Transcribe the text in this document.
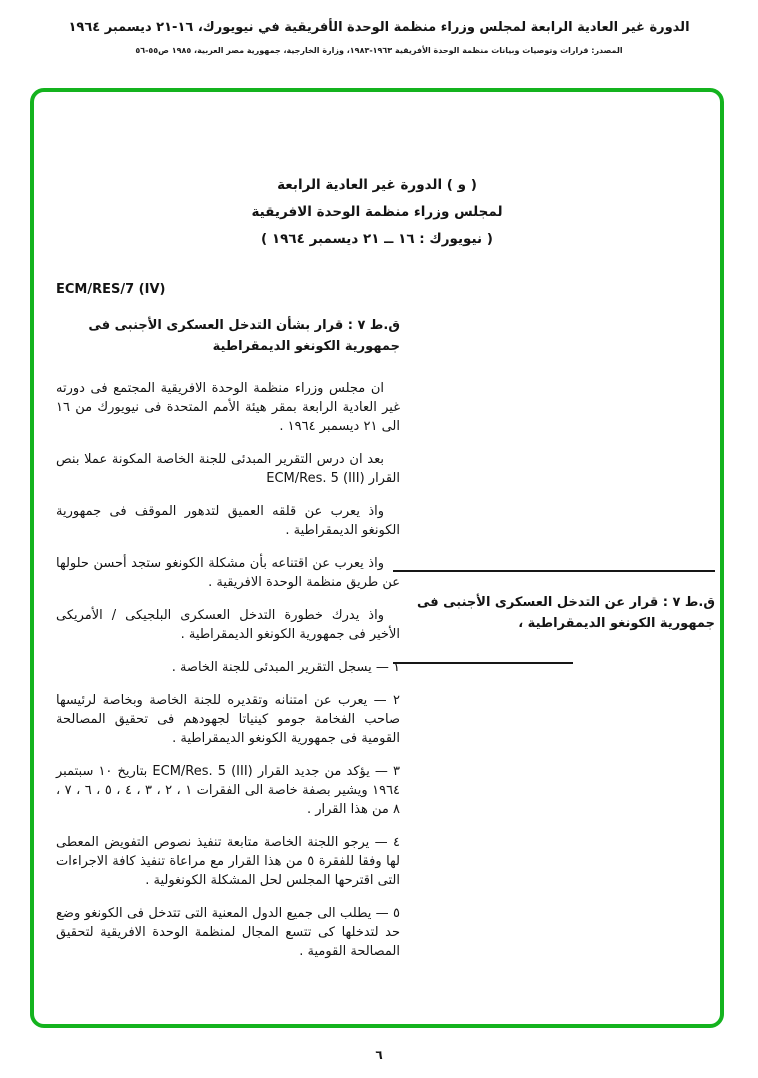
الدورة غير العادية الرابعة لمجلس وزراء منظمة الوحدة الأفريقية في نيويورك، ١٦-٢١ ديسمبر ١٩٦٤
المصدر: قرارات وتوصيات وبيانات منظمة الوحدة الأفريقية ١٩٦٣-١٩٨٣، وزارة الخارجية، جمهورية مصر العربية، ١٩٨٥ ص٥٥-٥٦
( و ) الدورة غير العادية الرابعة
لمجلس وزراء منظمة الوحدة الافريقية
( نيويورك : ١٦ ــ ٢١ ديسمبر ١٩٦٤ )
ECM/RES/7 (IV)
ق.ط ٧ : قرار بشأن التدخل العسكرى الأجنبى فى جمهورية الكونغو الديمقراطية

ان مجلس وزراء منظمة الوحدة الافريقية المجتمع فى دورته غير العادية الرابعة بمقر هيئة الأمم المتحدة فى نيويورك من ١٦ الى ٢١ ديسمبر ١٩٦٤ .

بعد ان درس التقرير المبدئى للجنة الخاصة المكونة عملا بنص القرار ECM/Res. 5 (III)

واذ يعرب عن قلقه العميق لتدهور الموقف فى جمهورية الكونغو الديمقراطية .

واذ يعرب عن اقتناعه بأن مشكلة الكونغو ستجد أحسن حلولها عن طريق منظمة الوحدة الافريقية .

واذ يدرك خطورة التدخل العسكرى البلجيكى / الأمريكى الأخير فى جمهورية الكونغو الديمقراطية .

١ — يسجل التقرير المبدئى للجنة الخاصة .

٢ — يعرب عن امتنانه وتقديره للجنة الخاصة وبخاصة لرئيسها صاحب الفخامة جومو كينياتا لجهودهم فى تحقيق المصالحة القومية فى جمهورية الكونغو الديمقراطية .

٣ — يؤكد من جديد القرار ECM/Res. 5 (III) بتاريخ ١٠ سبتمبر ١٩٦٤ ويشير بصفة خاصة الى الفقرات ١ ، ٢ ، ٣ ، ٤ ، ٥ ، ٦ ، ٧ ، ٨ من هذا القرار .

٤ — يرجو اللجنة الخاصة متابعة تنفيذ نصوص التفويض المعطى لها وفقا للفقرة ٥ من هذا القرار مع مراعاة تنفيذ كافة الاجراءات التى اقترحها المجلس لحل المشكلة الكونغولية .

٥ — يطلب الى جميع الدول المعنية التى تتدخل فى الكونغو وضع حد لتدخلها كى تتسع المجال لمنظمة الوحدة الافريقية لتحقيق المصالحة القومية .

ق.ط ٧ : قرار عن التدخل العسكرى الأجنبى فى جمهورية الكونغو الديمقراطية ،
٦
